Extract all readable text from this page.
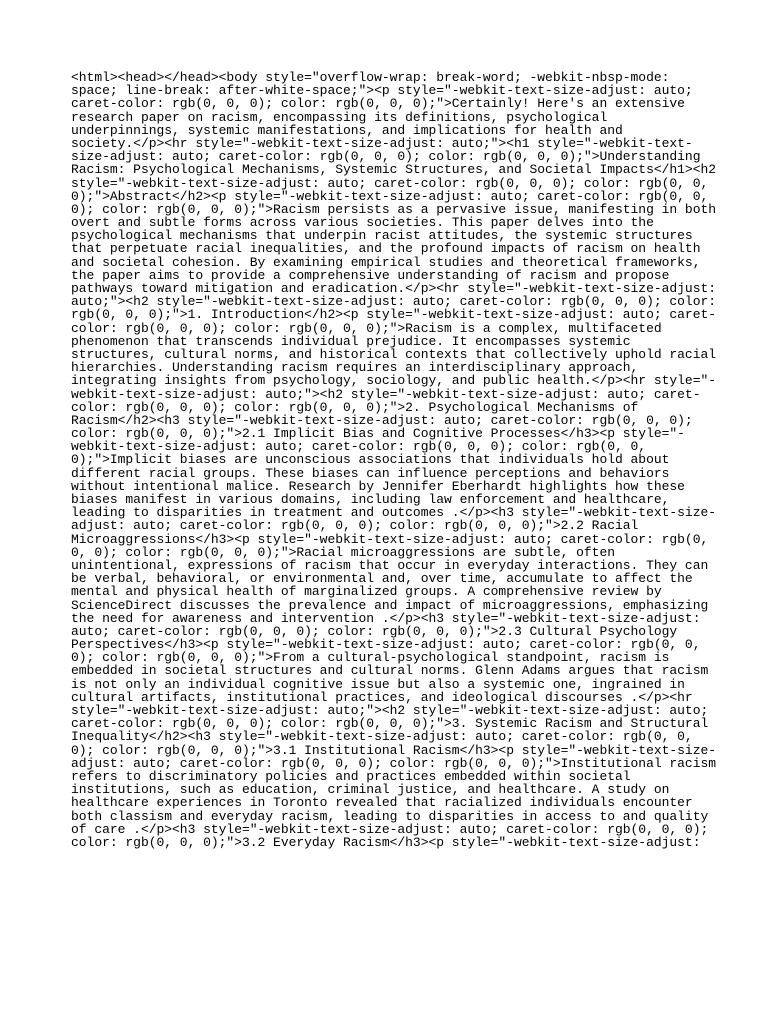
<html><head></head><body style="overflow-wrap: break-word; -webkit-nbsp-mode:
space; line-break: after-white-space;"><p style="-webkit-text-size-adjust: auto;
caret-color: rgb(0, 0, 0); color: rgb(0, 0, 0);">Certainly! Here's an extensive
research paper on racism, encompassing its definitions, psychological
underpinnings, systemic manifestations, and implications for health and
society.</p><hr style="-webkit-text-size-adjust: auto;"><h1 style="-webkit-text-
size-adjust: auto; caret-color: rgb(0, 0, 0); color: rgb(0, 0, 0);">Understanding
Racism: Psychological Mechanisms, Systemic Structures, and Societal Impacts</h1><h2
style="-webkit-text-size-adjust: auto; caret-color: rgb(0, 0, 0); color: rgb(0, 0,
0);">Abstract</h2><p style="-webkit-text-size-adjust: auto; caret-color: rgb(0, 0,
0); color: rgb(0, 0, 0);">Racism persists as a pervasive issue, manifesting in both
overt and subtle forms across various societies. This paper delves into the
psychological mechanisms that underpin racist attitudes, the systemic structures
that perpetuate racial inequalities, and the profound impacts of racism on health
and societal cohesion. By examining empirical studies and theoretical frameworks,
the paper aims to provide a comprehensive understanding of racism and propose
pathways toward mitigation and eradication.</p><hr style="-webkit-text-size-adjust:
auto;"><h2 style="-webkit-text-size-adjust: auto; caret-color: rgb(0, 0, 0); color:
rgb(0, 0, 0);">1. Introduction</h2><p style="-webkit-text-size-adjust: auto; caret-
color: rgb(0, 0, 0); color: rgb(0, 0, 0);">Racism is a complex, multifaceted
phenomenon that transcends individual prejudice. It encompasses systemic
structures, cultural norms, and historical contexts that collectively uphold racial
hierarchies. Understanding racism requires an interdisciplinary approach,
integrating insights from psychology, sociology, and public health.</p><hr style="-
webkit-text-size-adjust: auto;"><h2 style="-webkit-text-size-adjust: auto; caret-
color: rgb(0, 0, 0); color: rgb(0, 0, 0);">2. Psychological Mechanisms of
Racism</h2><h3 style="-webkit-text-size-adjust: auto; caret-color: rgb(0, 0, 0);
color: rgb(0, 0, 0);">2.1 Implicit Bias and Cognitive Processes</h3><p style="-
webkit-text-size-adjust: auto; caret-color: rgb(0, 0, 0); color: rgb(0, 0,
0);">Implicit biases are unconscious associations that individuals hold about
different racial groups. These biases can influence perceptions and behaviors
without intentional malice. Research by Jennifer Eberhardt highlights how these
biases manifest in various domains, including law enforcement and healthcare,
leading to disparities in treatment and outcomes .</p><h3 style="-webkit-text-size-
adjust: auto; caret-color: rgb(0, 0, 0); color: rgb(0, 0, 0);">2.2 Racial
Microaggressions</h3><p style="-webkit-text-size-adjust: auto; caret-color: rgb(0,
0, 0); color: rgb(0, 0, 0);">Racial microaggressions are subtle, often
unintentional, expressions of racism that occur in everyday interactions. They can
be verbal, behavioral, or environmental and, over time, accumulate to affect the
mental and physical health of marginalized groups. A comprehensive review by
ScienceDirect discusses the prevalence and impact of microaggressions, emphasizing
the need for awareness and intervention .</p><h3 style="-webkit-text-size-adjust:
auto; caret-color: rgb(0, 0, 0); color: rgb(0, 0, 0);">2.3 Cultural Psychology
Perspectives</h3><p style="-webkit-text-size-adjust: auto; caret-color: rgb(0, 0,
0); color: rgb(0, 0, 0);">From a cultural-psychological standpoint, racism is
embedded in societal structures and cultural norms. Glenn Adams argues that racism
is not only an individual cognitive issue but also a systemic one, ingrained in
cultural artifacts, institutional practices, and ideological discourses .</p><hr
style="-webkit-text-size-adjust: auto;"><h2 style="-webkit-text-size-adjust: auto;
caret-color: rgb(0, 0, 0); color: rgb(0, 0, 0);">3. Systemic Racism and Structural
Inequality</h2><h3 style="-webkit-text-size-adjust: auto; caret-color: rgb(0, 0,
0); color: rgb(0, 0, 0);">3.1 Institutional Racism</h3><p style="-webkit-text-size-
adjust: auto; caret-color: rgb(0, 0, 0); color: rgb(0, 0, 0);">Institutional racism
refers to discriminatory policies and practices embedded within societal
institutions, such as education, criminal justice, and healthcare. A study on
healthcare experiences in Toronto revealed that racialized individuals encounter
both classism and everyday racism, leading to disparities in access to and quality
of care .</p><h3 style="-webkit-text-size-adjust: auto; caret-color: rgb(0, 0, 0);
color: rgb(0, 0, 0);">3.2 Everyday Racism</h3><p style="-webkit-text-size-adjust:
